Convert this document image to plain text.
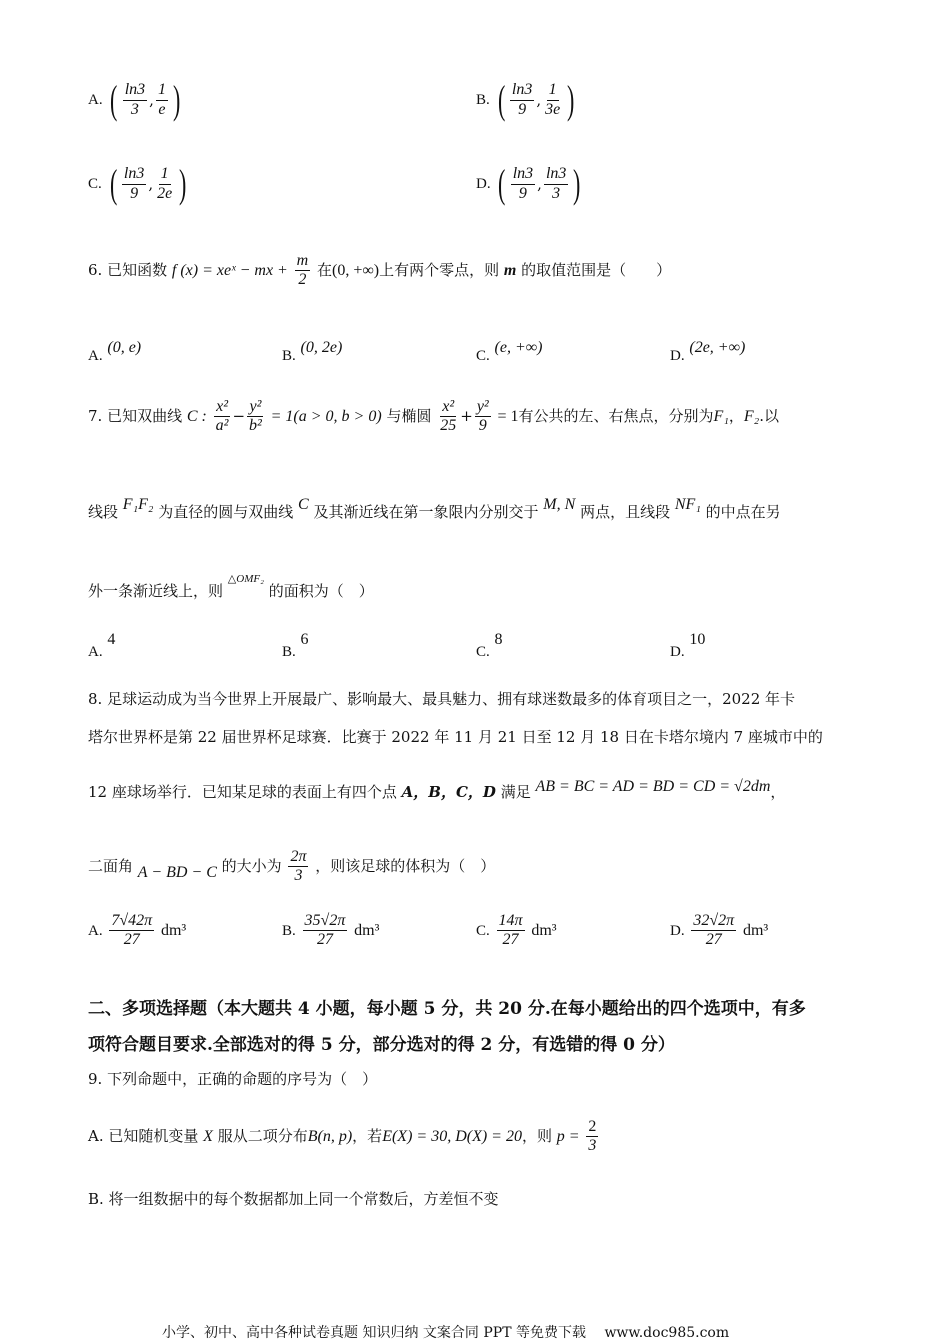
A. ( $\frac{\ln 3}{3}$ , $\frac{1}{e}$ )	B. ( $\frac{\ln 3}{9}$ , $\frac{1}{3e}$ )
C. ( $\frac{\ln 3}{9}$ , $\frac{1}{2e}$ )	D. ( $\frac{\ln 3}{9}$ , $\frac{\ln 3}{3}$ )
6. 已知函数 f (x) = xeˣ − mx + $\frac{m}{2}$ 在(0, +∞)上有两个零点，则 m 的取值范围是（　　）
A. (0, e)	B. (0, 2e)	C. (e, +∞)	D. (2e, +∞)
7. 已知双曲线 C : $\frac{\text{x²}}{\text{a²}} - \frac{\text{y²}}{\text{b²}} = 1(a > 0$, b > 0) 与椭圆 $\frac{\text{x²}}{25} + \frac{\text{y²}}{9} = 1$有公共的左、右焦点，分别为F₁，F₂.以
线段 F₁F₂ 为直径的圆与双曲线 C 及其渐近线在第一象限内分别交于 M, N 两点，且线段 NF₁ 的中点在另
外一条渐近线上，则 $^{\triangle OMF_2}$ 的面积为（　）
A. 4
B. 6
C. 8
D. 10
8. 足球运动成为当今世界上开展最广、影响最大、最具魅力、拥有球迷数最多的体育项目之一，2022 年卡
塔尔世界杯是第 22 届世界杯足球赛．比赛于 2022 年 11 月 21 日至 12 月 18 日在卡塔尔境内 7 座城市中的
12 座球场举行．已知某足球的表面上有四个点 A，B，C，D 满足 AB = BC = AD = BD = CD = √2dm，
二面角 A − BD − C 的大小为 $\frac{2\pi}{3}$ ，则该足球的体积为（　）
A. $\frac{7√42\pi}{27} dm^3$	B. $\frac{35√2\pi}{27} dm^3$	C. $\frac{14\pi}{27} dm^3$	D. $\frac{32√2\pi}{27} dm^3$
二、多项选择题（本大题共 4 小题，每小题 5 分，共 20 分.在每小题给出的四个选项中，有多
项符合题目要求.全部选对的得 5 分，部分选对的得 2 分，有选错的得 0 分）
9. 下列命题中，正确的命题的序号为（　）
A. 已知随机变量 X 服从二项分布B(n, p)，若E(X) = 30, D(X) = 20，则 $p = \frac{2}{3}$
B. 将一组数据中的每个数据都加上同一个常数后，方差恒不变
小学、初中、高中各种试卷真题 知识归纳 文案合同 PPT 等免费下载 www.doc985.com
